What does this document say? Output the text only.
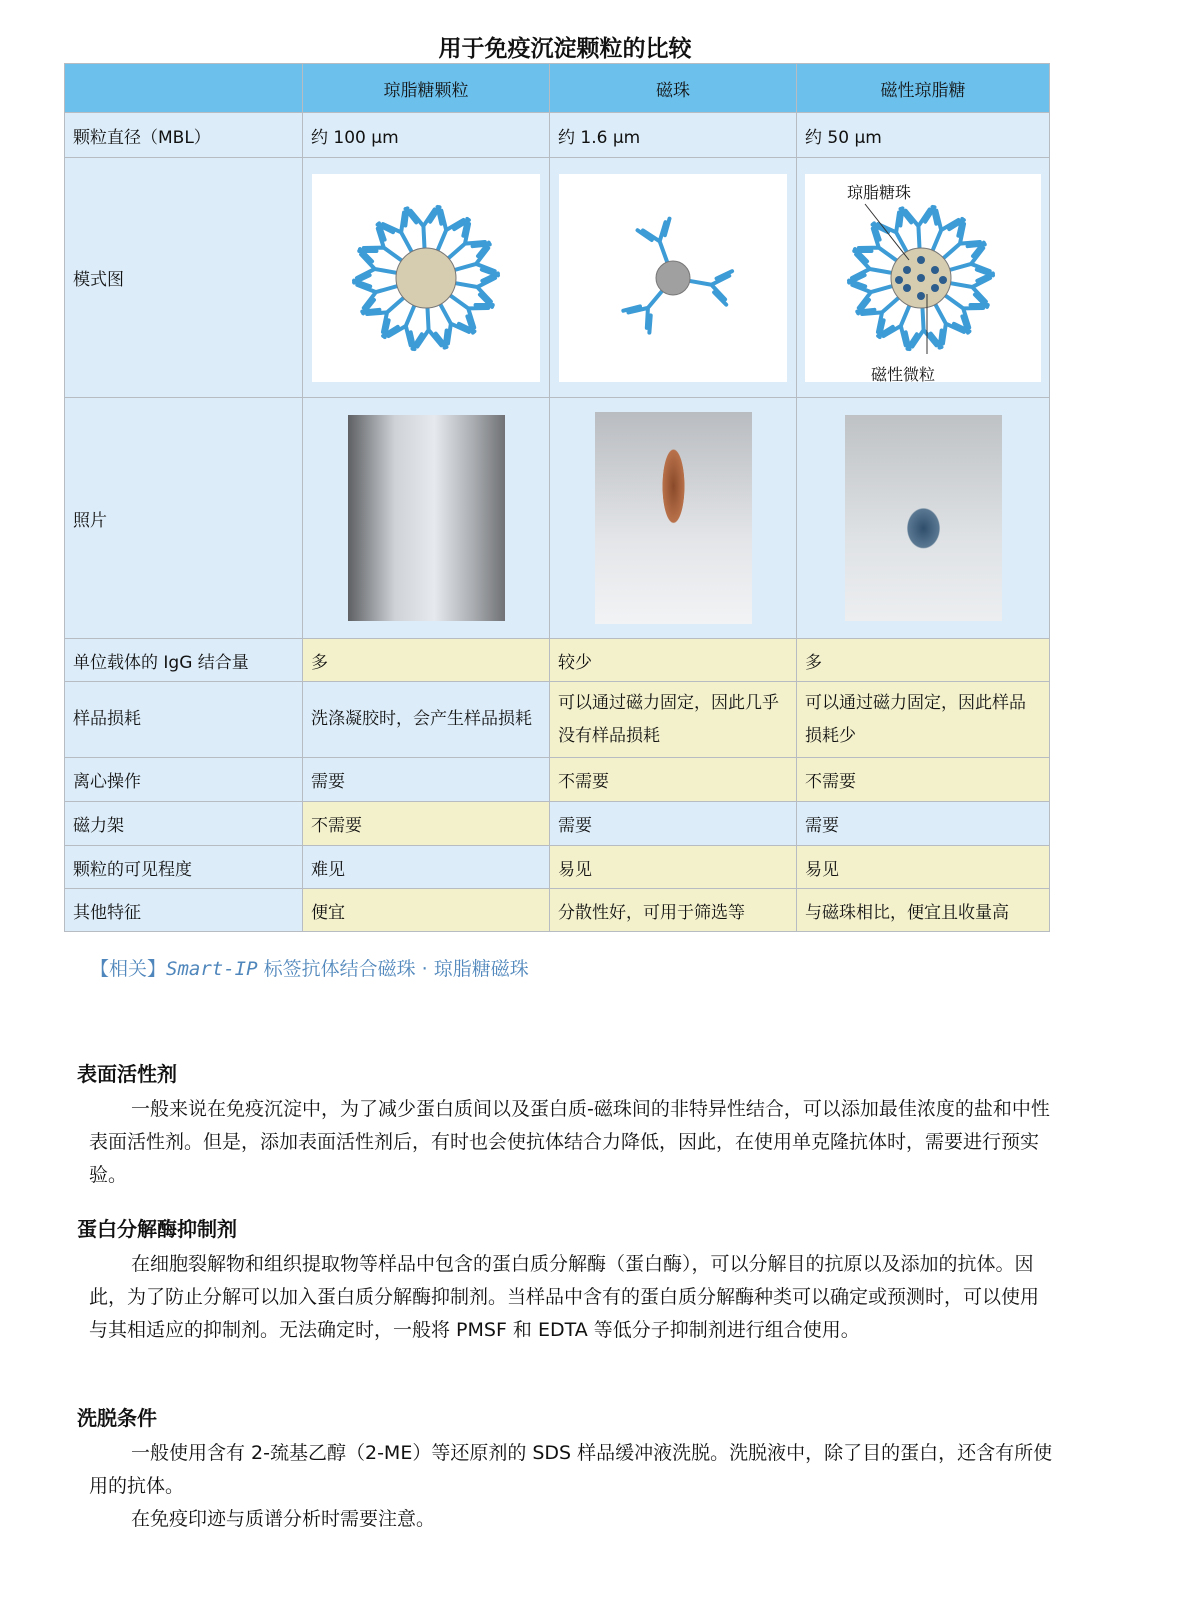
用于免疫沉淀颗粒的比较
	琼脂糖颗粒	磁珠	磁性琼脂糖
颗粒直径（MBL）	约 100 μm	约 1.6 μm	约 50 μm
模式图			琼脂糖珠
磁性微粒

照片	

单位载体的 IgG 结合量	多	较少	多
样品损耗	洗涤凝胶时，会产生样品损耗	可以通过磁力固定，因此几乎没有样品损耗	可以通过磁力固定，因此样品损耗少
离心操作	需要	不需要	不需要
磁力架	不需要	需要	需要
颗粒的可见程度	难见	易见	易见
其他特征	便宜	分散性好，可用于筛选等	与磁珠相比，便宜且收量高
【相关】Smart-IP 标签抗体结合磁珠 · 琼脂糖磁珠
表面活性剂

一般来说在免疫沉淀中，为了减少蛋白质间以及蛋白质-磁珠间的非特异性结合，可以添加最佳浓度的盐和中性表面活性剂。但是，添加表面活性剂后，有时也会使抗体结合力降低，因此，在使用单克隆抗体时，需要进行预实验。

蛋白分解酶抑制剂

在细胞裂解物和组织提取物等样品中包含的蛋白质分解酶（蛋白酶），可以分解目的抗原以及添加的抗体。因此，为了防止分解可以加入蛋白质分解酶抑制剂。当样品中含有的蛋白质分解酶种类可以确定或预测时，可以使用与其相适应的抑制剂。无法确定时，一般将 PMSF 和 EDTA 等低分子抑制剂进行组合使用。

洗脱条件

一般使用含有 2-巯基乙醇（2-ME）等还原剂的 SDS 样品缓冲液洗脱。洗脱液中，除了目的蛋白，还含有所使用的抗体。

在免疫印迹与质谱分析时需要注意。
